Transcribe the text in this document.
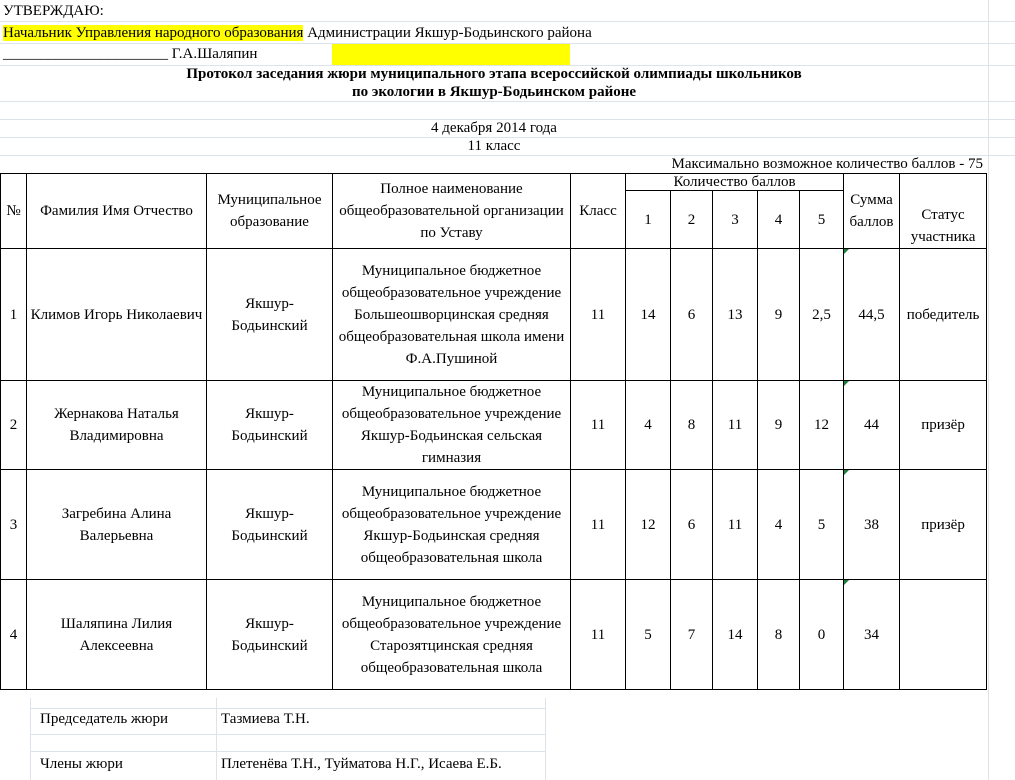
УТВЕРЖДАЮ:
Начальник Управления народного образования Администрации Якшур-Бодьинского района
______________________ Г.А.Шаляпин
Протокол заседания жюри муниципального этапа всероссийской олимпиады школьников
по экологии в Якшур-Бодьинском районе
4 декабря 2014 года
11 класс
Максимально возможное количество баллов - 75
№	Фамилия Имя Отчество	Муниципальное образование	Полное наименование общеобразовательной организации по Уставу	Класс	Количество баллов					Сумма баллов	Статус участника
					1	2	3	4	5		
1	Климов Игорь Николаевич	Якшур-Бодьинский	Муниципальное бюджетное общеобразовательное учреждение Большеошворцинская средняя общеобразовательная школа имени Ф.А.Пушиной	11	14	6	13	9	2,5	44,5	победитель
2	Жернакова Наталья Владимировна	Якшур-Бодьинский	Муниципальное бюджетное общеобразовательное учреждение Якшур-Бодьинская сельская гимназия	11	4	8	11	9	12	44	призёр
3	Загребина Алина Валерьевна	Якшур-Бодьинский	Муниципальное бюджетное общеобразовательное учреждение Якшур-Бодьинская средняя общеобразовательная школа	11	12	6	11	4	5	38	призёр
4	Шаляпина Лилия Алексеевна	Якшур-Бодьинский	Муниципальное бюджетное общеобразовательное учреждение Старозятцинская средняя общеобразовательная школа	11	5	7	14	8	0	34	
Председатель жюри	Тазмиева Т.Н.
Члены жюри	Плетенёва Т.Н., Туйматова Н.Г., Исаева Е.Б.
